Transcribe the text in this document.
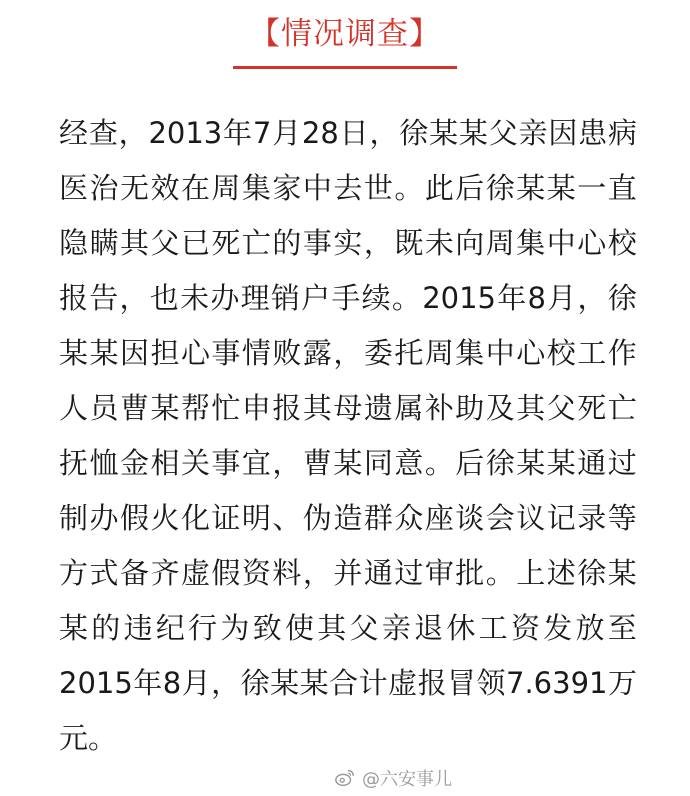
【情况调查】
经 查 ， 2013 年 7 月 28 日 ， 徐 某 某 父 亲 因 患 病
医 治 无 效 在 周 集 家 中 去 世 。 此 后 徐 某 某 一 直
隐 瞒 其 父 已 死 亡 的 事 实 ， 既 未 向 周 集 中 心 校
报 告 ， 也 未 办 理 销 户 手 续 。 2015 年 8 月 ， 徐
某 某 因 担 心 事 情 败 露 ， 委 托 周 集 中 心 校 工 作
人 员 曹 某 帮 忙 申 报 其 母 遗 属 补 助 及 其 父 死 亡
抚 恤 金 相 关 事 宜 ， 曹 某 同 意 。 后 徐 某 某 通 过
制 办 假 火 化 证 明 、 伪 造 群 众 座 谈 会 议 记 录 等
方 式 备 齐 虚 假 资 料 ， 并 通 过 审 批 。 上 述 徐 某
某 的 违 纪 行 为 致 使 其 父 亲 退 休 工 资 发 放 至
2015 年 8 月 ， 徐 某 某 合 计 虚 报 冒 领 7.6391 万
元。
@六安事儿
